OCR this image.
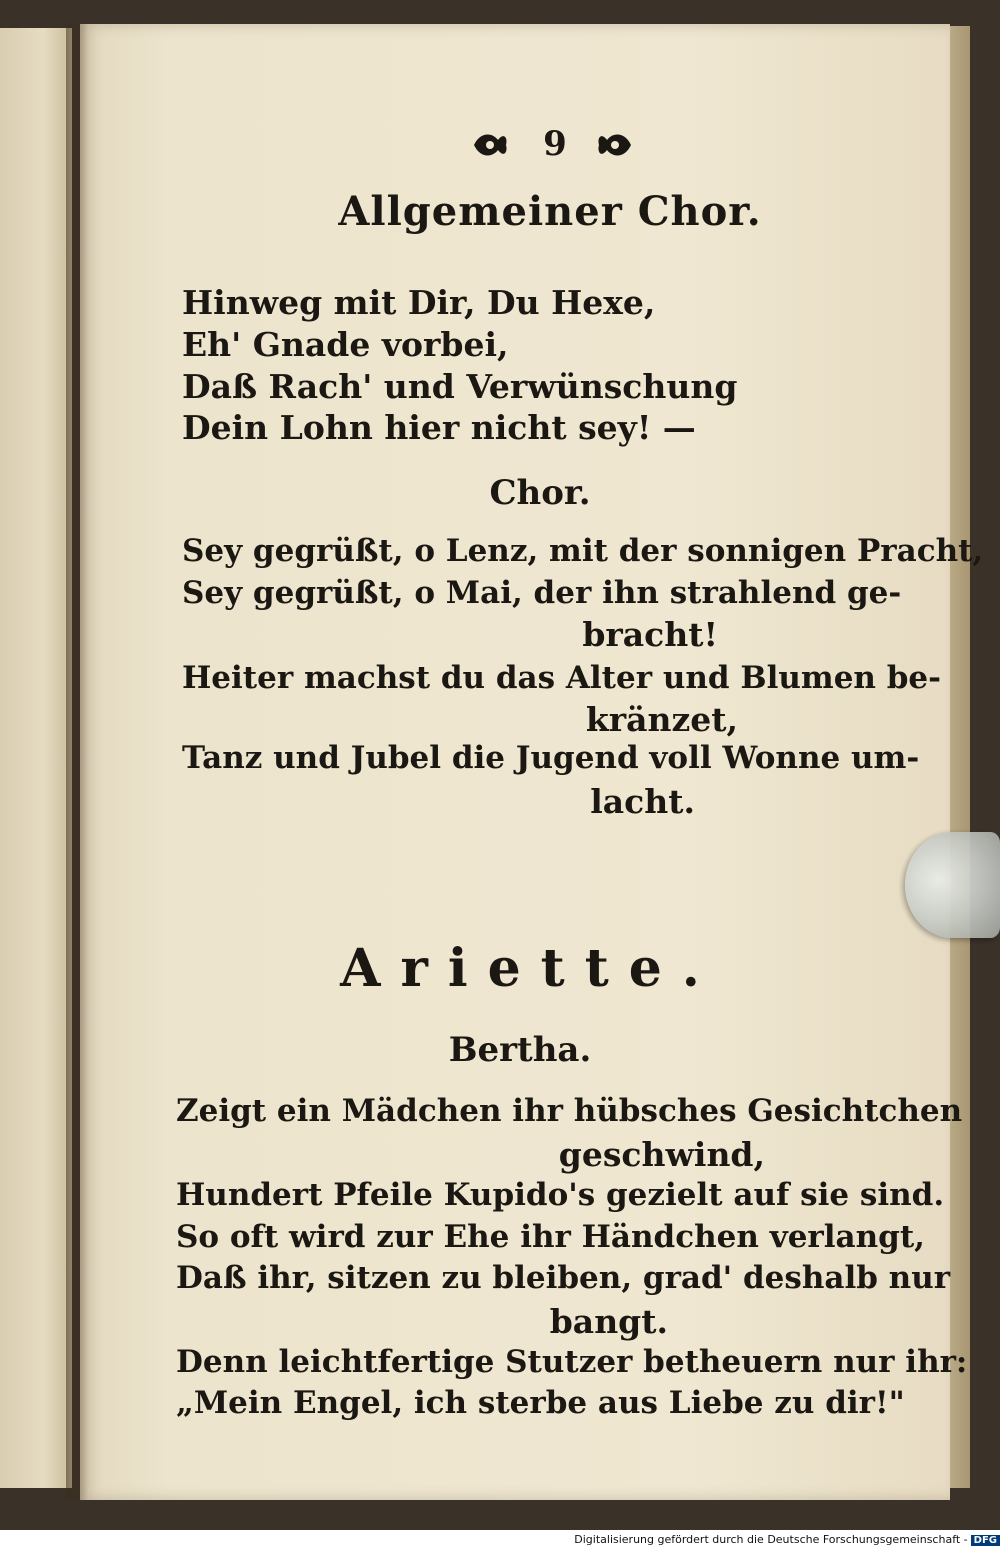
9
Allgemeiner Chor.
Hinweg mit Dir, Du Hexe,
Eh' Gnade vorbei,
Daß Rach' und Verwünschung
Dein Lohn hier nicht sey! —
Chor.
Sey gegrüßt, o Lenz, mit der sonnigen Pracht,
Sey gegrüßt, o Mai, der ihn strahlend ge-
bracht!
Heiter machst du das Alter und Blumen be-
kränzet,
Tanz und Jubel die Jugend voll Wonne um-
lacht.
Ariette.
Bertha.
Zeigt ein Mädchen ihr hübsches Gesichtchen
geschwind,
Hundert Pfeile Kupido's gezielt auf sie sind.
So oft wird zur Ehe ihr Händchen verlangt,
Daß ihr, sitzen zu bleiben, grad' deshalb nur
bangt.
Denn leichtfertige Stutzer betheuern nur ihr:
„Mein Engel, ich sterbe aus Liebe zu dir!"
Digitalisierung gefördert durch die Deutsche Forschungsgemeinschaft - DFG
